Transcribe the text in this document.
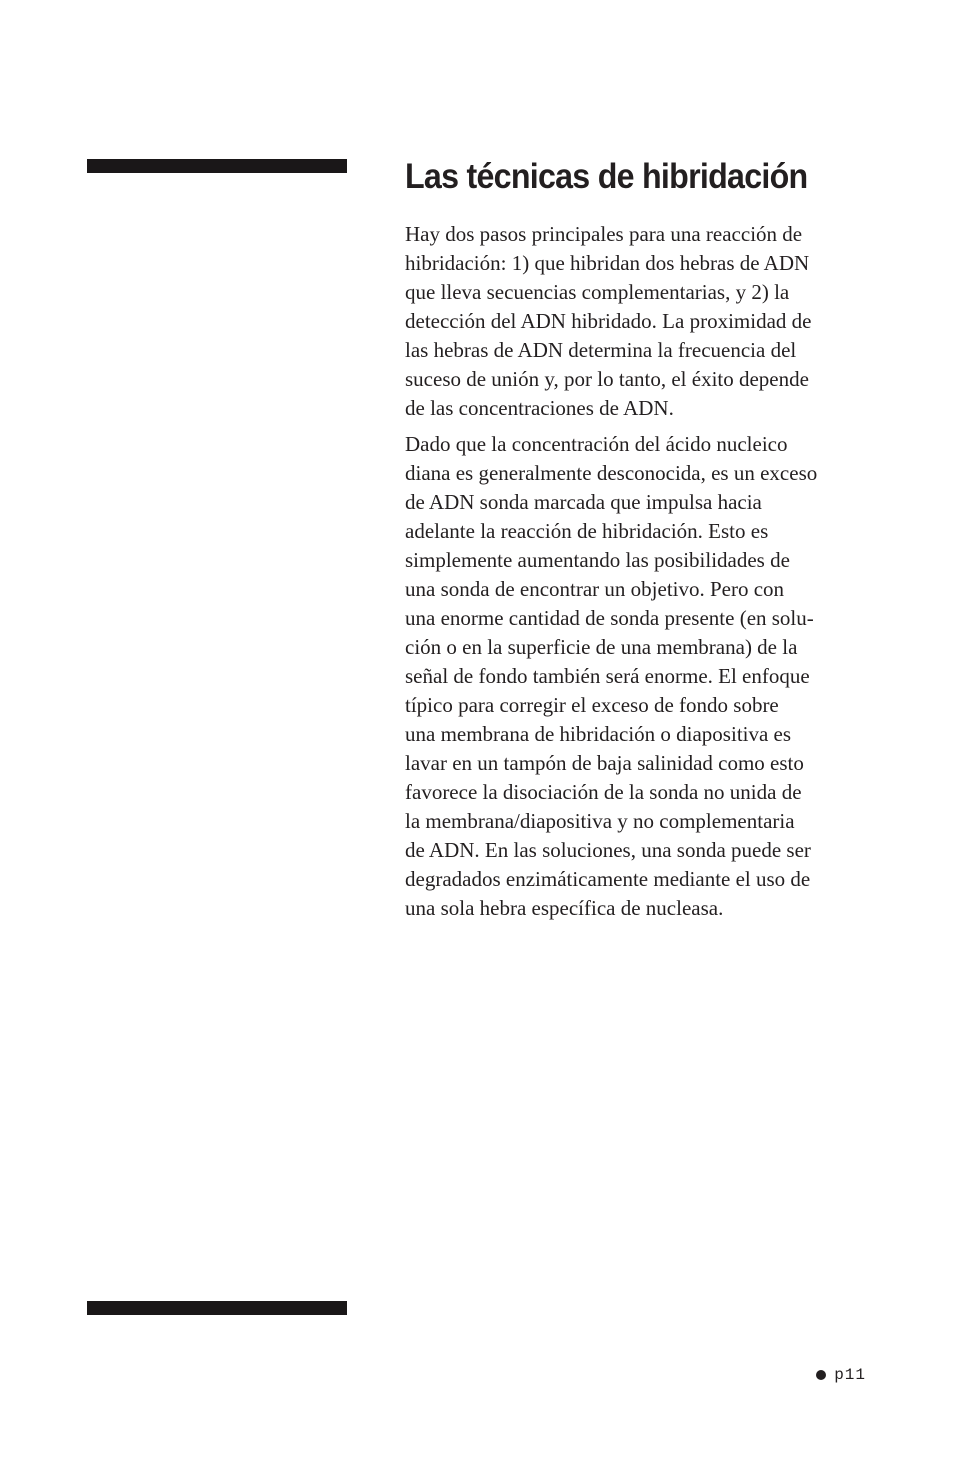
Las técnicas de hibridación

Hay dos pasos principales para una reacción de
hibridación: 1) que hibridan dos hebras de ADN
que lleva secuencias complementarias, y 2) la
detección del ADN hibridado. La proximidad de
las hebras de ADN determina la frecuencia del
suceso de unión y, por lo tanto, el éxito depende
de las concentraciones de ADN.

Dado que la concentración del ácido nucleico
diana es generalmente desconocida, es un exceso
de ADN sonda marcada que impulsa hacia
adelante la reacción de hibridación. Esto es
simplemente aumentando las posibilidades de
una sonda de encontrar un objetivo. Pero con
una enorme cantidad de sonda presente (en solu-
ción o en la superficie de una membrana) de la
señal de fondo también será enorme. El enfoque
típico para corregir el exceso de fondo sobre
una membrana de hibridación o diapositiva es
lavar en un tampón de baja salinidad como esto
favorece la disociación de la sonda no unida de
la membrana/diapositiva y no complementaria
de ADN. En las soluciones, una sonda puede ser
degradados enzimáticamente mediante el uso de
una sola hebra específica de nucleasa.

p11
